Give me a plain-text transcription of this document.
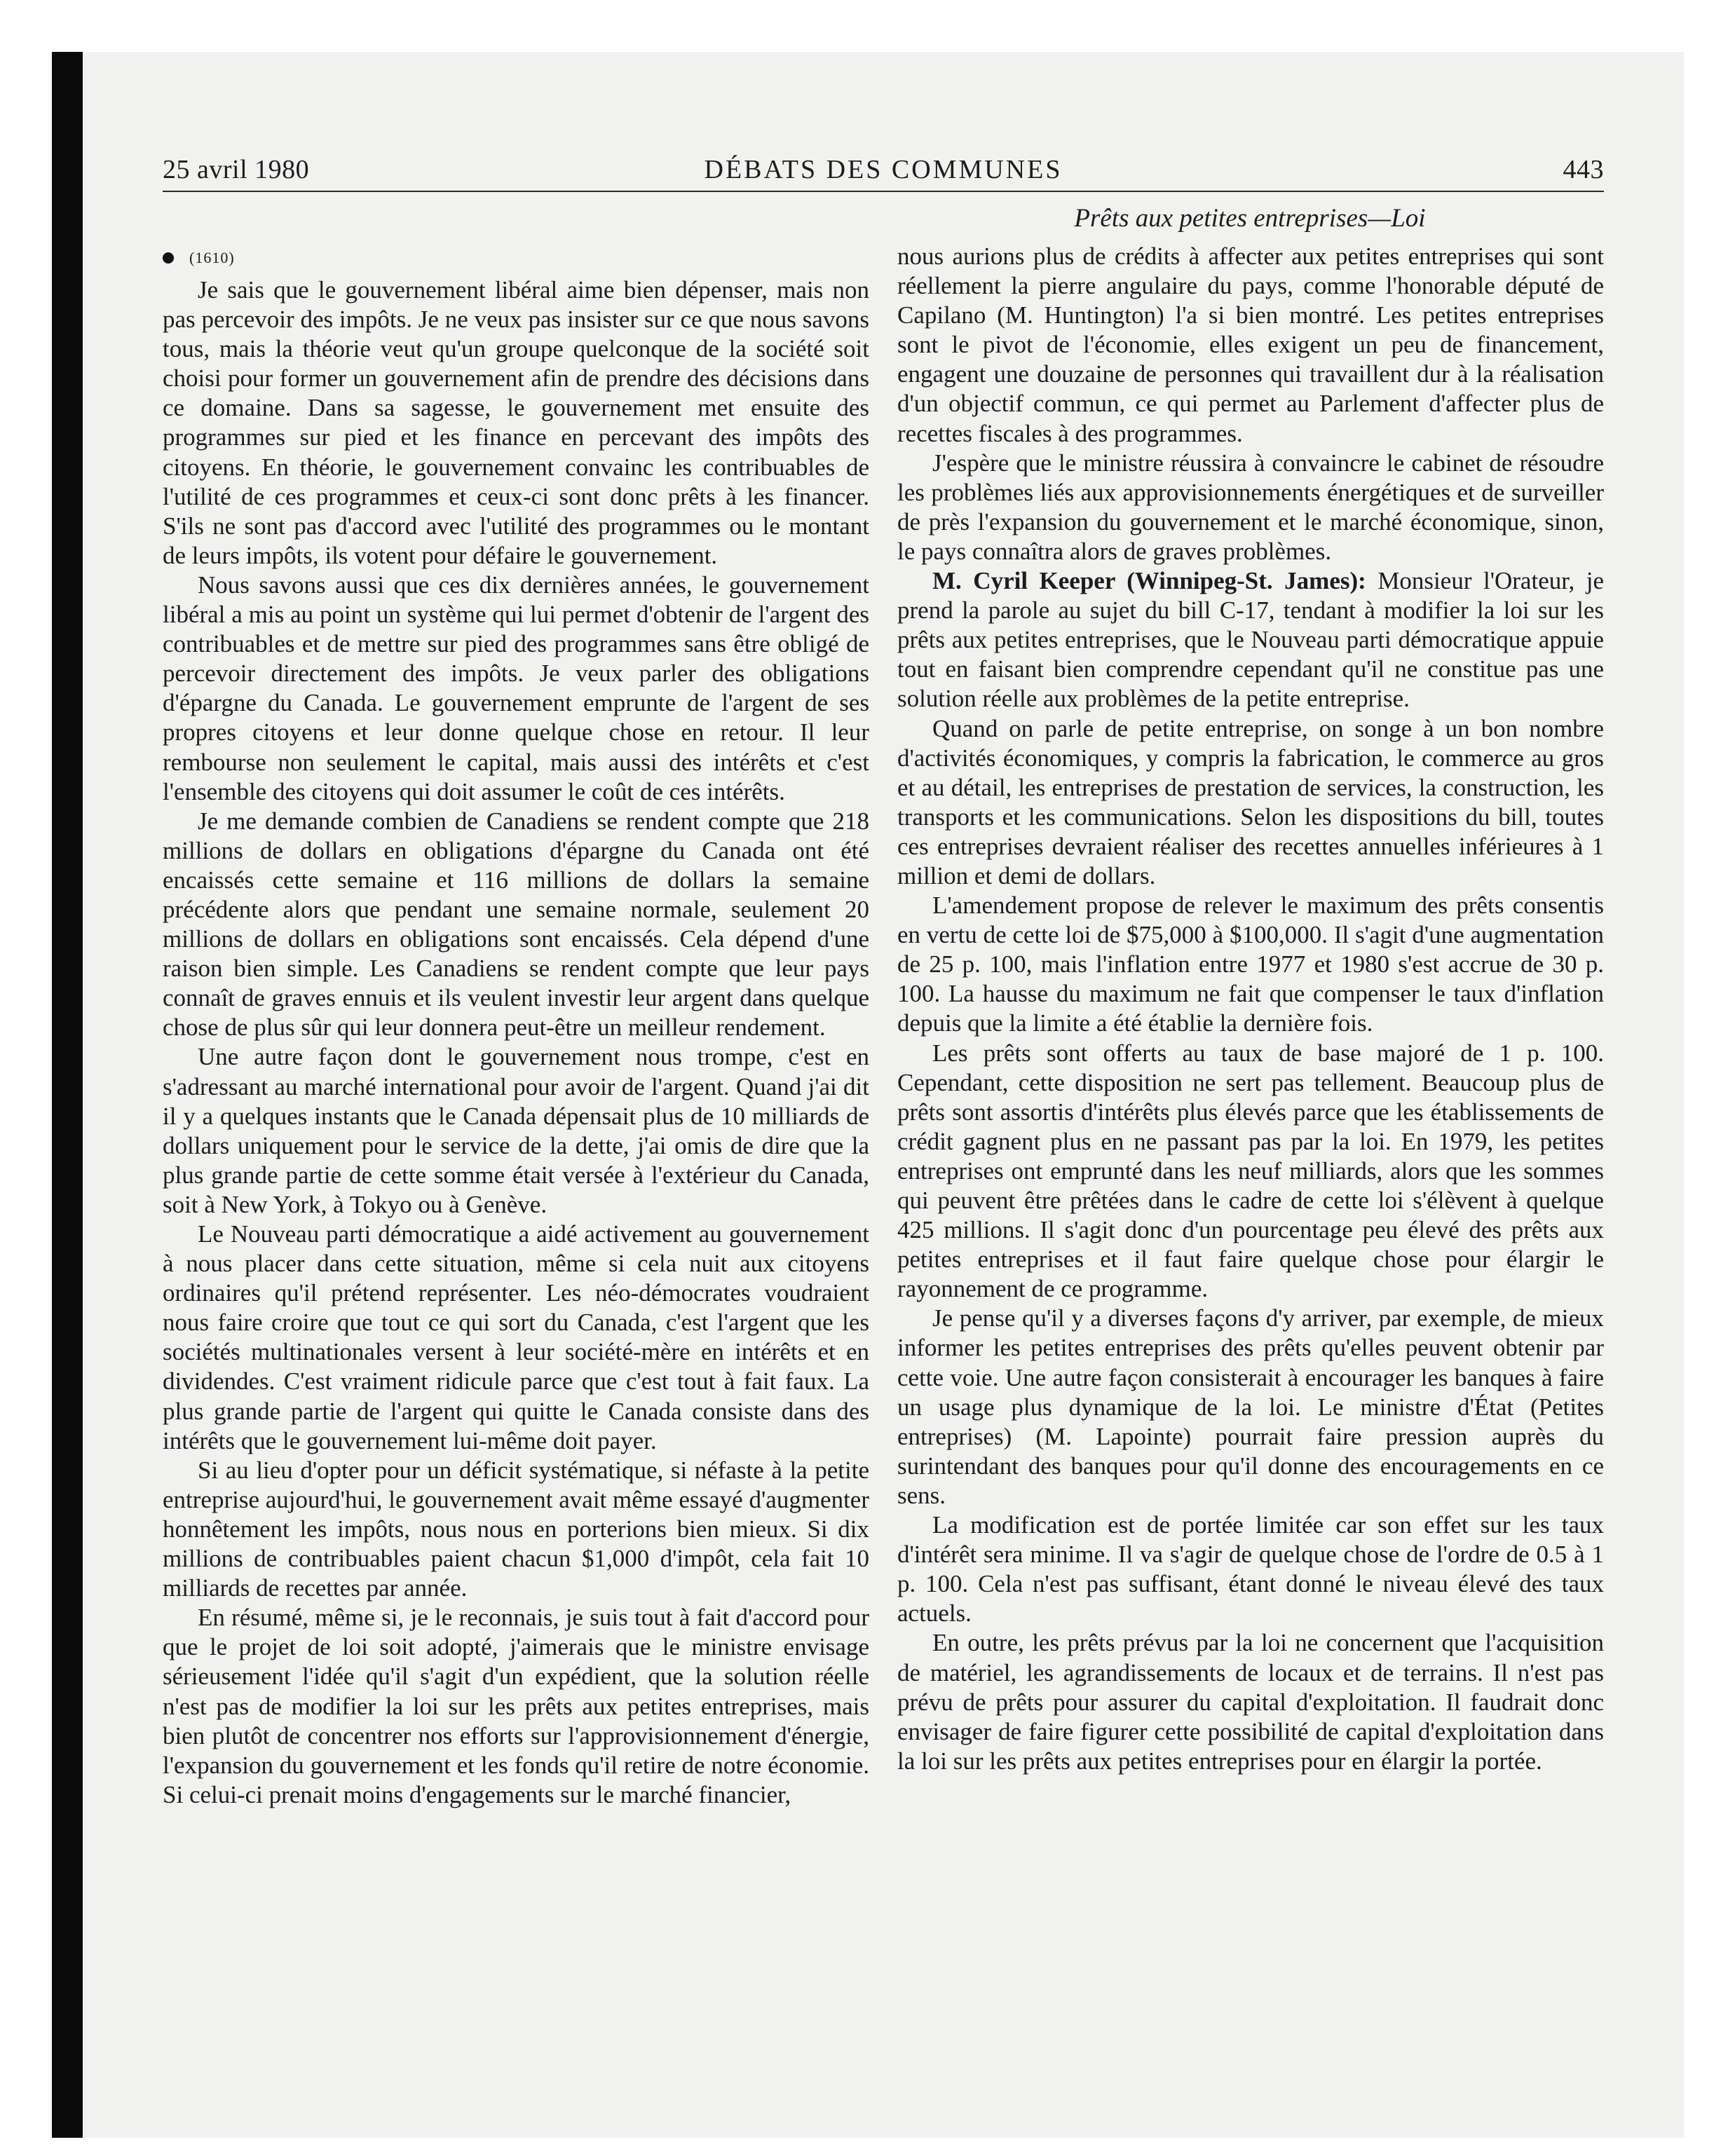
25 avril 1980	DÉBATS DES COMMUNES	443
Prêts aux petites entreprises—Loi
(1610)

Je sais que le gouvernement libéral aime bien dépenser, mais non pas percevoir des impôts. Je ne veux pas insister sur ce que nous savons tous, mais la théorie veut qu'un groupe quelconque de la société soit choisi pour former un gouvernement afin de prendre des décisions dans ce domaine. Dans sa sagesse, le gouvernement met ensuite des programmes sur pied et les finance en percevant des impôts des citoyens. En théorie, le gouvernement convainc les contribuables de l'utilité de ces programmes et ceux-ci sont donc prêts à les financer. S'ils ne sont pas d'accord avec l'utilité des programmes ou le montant de leurs impôts, ils votent pour défaire le gouvernement.

Nous savons aussi que ces dix dernières années, le gouvernement libéral a mis au point un système qui lui permet d'obtenir de l'argent des contribuables et de mettre sur pied des programmes sans être obligé de percevoir directement des impôts. Je veux parler des obligations d'épargne du Canada. Le gouvernement emprunte de l'argent de ses propres citoyens et leur donne quelque chose en retour. Il leur rembourse non seulement le capital, mais aussi des intérêts et c'est l'ensemble des citoyens qui doit assumer le coût de ces intérêts.

Je me demande combien de Canadiens se rendent compte que 218 millions de dollars en obligations d'épargne du Canada ont été encaissés cette semaine et 116 millions de dollars la semaine précédente alors que pendant une semaine normale, seulement 20 millions de dollars en obligations sont encaissés. Cela dépend d'une raison bien simple. Les Canadiens se rendent compte que leur pays connaît de graves ennuis et ils veulent investir leur argent dans quelque chose de plus sûr qui leur donnera peut-être un meilleur rendement.

Une autre façon dont le gouvernement nous trompe, c'est en s'adressant au marché international pour avoir de l'argent. Quand j'ai dit il y a quelques instants que le Canada dépensait plus de 10 milliards de dollars uniquement pour le service de la dette, j'ai omis de dire que la plus grande partie de cette somme était versée à l'extérieur du Canada, soit à New York, à Tokyo ou à Genève.

Le Nouveau parti démocratique a aidé activement au gouvernement à nous placer dans cette situation, même si cela nuit aux citoyens ordinaires qu'il prétend représenter. Les néo-démocrates voudraient nous faire croire que tout ce qui sort du Canada, c'est l'argent que les sociétés multinationales versent à leur société-mère en intérêts et en dividendes. C'est vraiment ridicule parce que c'est tout à fait faux. La plus grande partie de l'argent qui quitte le Canada consiste dans des intérêts que le gouvernement lui-même doit payer.

Si au lieu d'opter pour un déficit systématique, si néfaste à la petite entreprise aujourd'hui, le gouvernement avait même essayé d'augmenter honnêtement les impôts, nous nous en porterions bien mieux. Si dix millions de contribuables paient chacun $1,000 d'impôt, cela fait 10 milliards de recettes par année.

En résumé, même si, je le reconnais, je suis tout à fait d'accord pour que le projet de loi soit adopté, j'aimerais que le ministre envisage sérieusement l'idée qu'il s'agit d'un expédient, que la solution réelle n'est pas de modifier la loi sur les prêts aux petites entreprises, mais bien plutôt de concentrer nos efforts sur l'approvisionnement d'énergie, l'expansion du gouvernement et les fonds qu'il retire de notre économie. Si celui-ci prenait moins d'engagements sur le marché financier,

nous aurions plus de crédits à affecter aux petites entreprises qui sont réellement la pierre angulaire du pays, comme l'honorable député de Capilano (M. Huntington) l'a si bien montré. Les petites entreprises sont le pivot de l'économie, elles exigent un peu de financement, engagent une douzaine de personnes qui travaillent dur à la réalisation d'un objectif commun, ce qui permet au Parlement d'affecter plus de recettes fiscales à des programmes.

J'espère que le ministre réussira à convaincre le cabinet de résoudre les problèmes liés aux approvisionnements énergétiques et de surveiller de près l'expansion du gouvernement et le marché économique, sinon, le pays connaîtra alors de graves problèmes.

M. Cyril Keeper (Winnipeg-St. James): Monsieur l'Orateur, je prend la parole au sujet du bill C-17, tendant à modifier la loi sur les prêts aux petites entreprises, que le Nouveau parti démocratique appuie tout en faisant bien comprendre cependant qu'il ne constitue pas une solution réelle aux problèmes de la petite entreprise.

Quand on parle de petite entreprise, on songe à un bon nombre d'activités économiques, y compris la fabrication, le commerce au gros et au détail, les entreprises de prestation de services, la construction, les transports et les communications. Selon les dispositions du bill, toutes ces entreprises devraient réaliser des recettes annuelles inférieures à 1 million et demi de dollars.

L'amendement propose de relever le maximum des prêts consentis en vertu de cette loi de $75,000 à $100,000. Il s'agit d'une augmentation de 25 p. 100, mais l'inflation entre 1977 et 1980 s'est accrue de 30 p. 100. La hausse du maximum ne fait que compenser le taux d'inflation depuis que la limite a été établie la dernière fois.

Les prêts sont offerts au taux de base majoré de 1 p. 100. Cependant, cette disposition ne sert pas tellement. Beaucoup plus de prêts sont assortis d'intérêts plus élevés parce que les établissements de crédit gagnent plus en ne passant pas par la loi. En 1979, les petites entreprises ont emprunté dans les neuf milliards, alors que les sommes qui peuvent être prêtées dans le cadre de cette loi s'élèvent à quelque 425 millions. Il s'agit donc d'un pourcentage peu élevé des prêts aux petites entreprises et il faut faire quelque chose pour élargir le rayonnement de ce programme.

Je pense qu'il y a diverses façons d'y arriver, par exemple, de mieux informer les petites entreprises des prêts qu'elles peuvent obtenir par cette voie. Une autre façon consisterait à encourager les banques à faire un usage plus dynamique de la loi. Le ministre d'État (Petites entreprises) (M. Lapointe) pourrait faire pression auprès du surintendant des banques pour qu'il donne des encouragements en ce sens.

La modification est de portée limitée car son effet sur les taux d'intérêt sera minime. Il va s'agir de quelque chose de l'ordre de 0.5 à 1 p. 100. Cela n'est pas suffisant, étant donné le niveau élevé des taux actuels.

En outre, les prêts prévus par la loi ne concernent que l'acquisition de matériel, les agrandissements de locaux et de terrains. Il n'est pas prévu de prêts pour assurer du capital d'exploitation. Il faudrait donc envisager de faire figurer cette possibilité de capital d'exploitation dans la loi sur les prêts aux petites entreprises pour en élargir la portée.
